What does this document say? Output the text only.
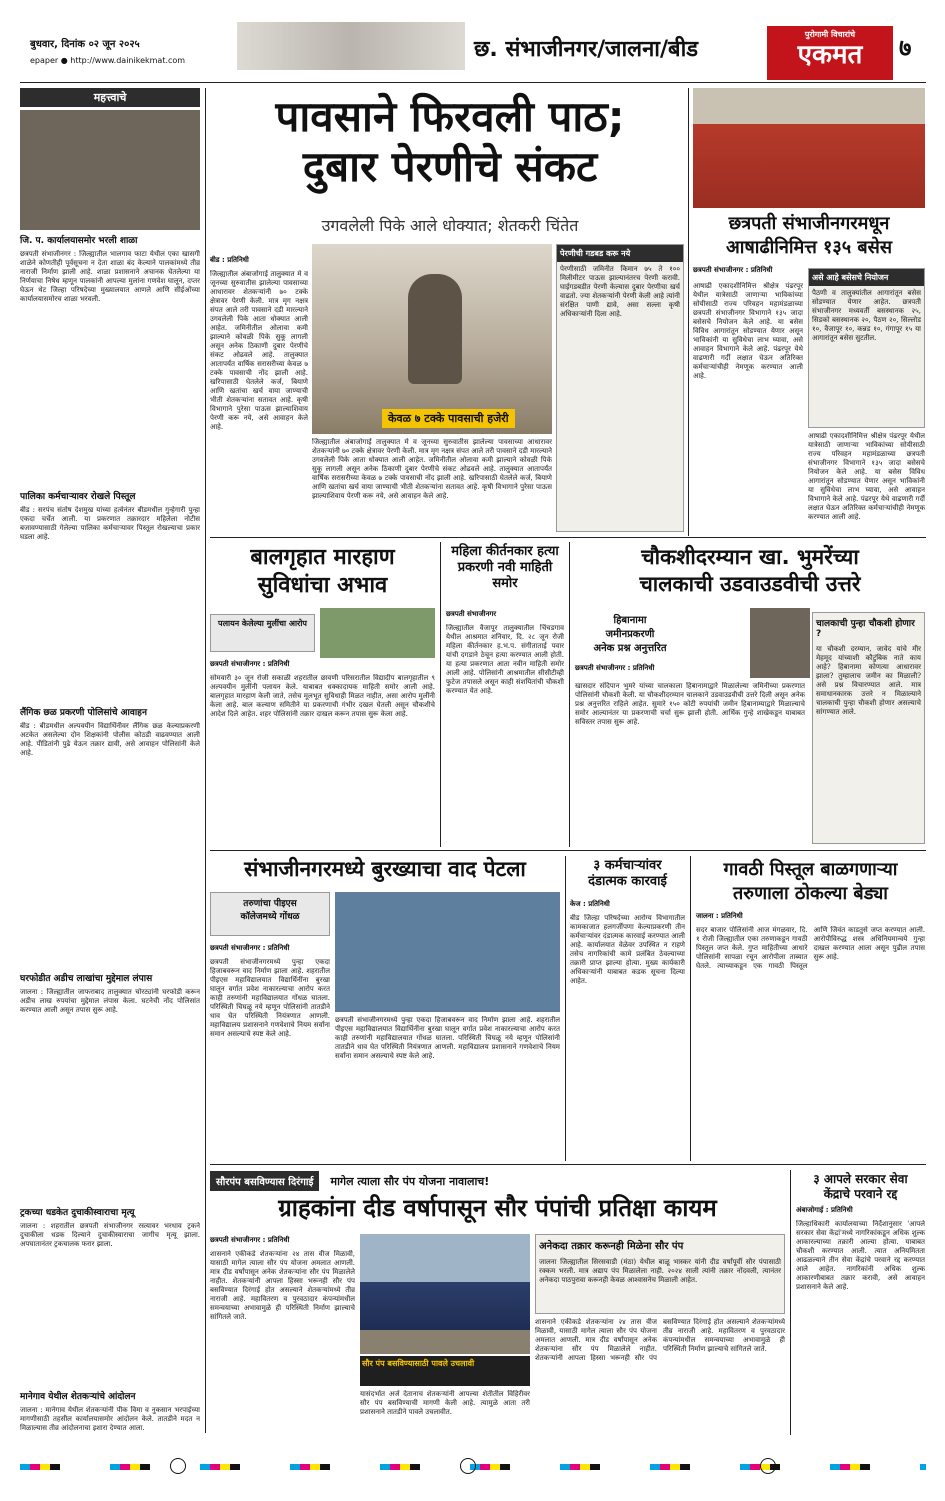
बुधवार, दिनांक ०२ जून २०२५
epaper ● http://www.dainikekmat.com	छ. संभाजीनगर/जालना/बीड
पुरोगामी विचारांचे
एकमत	७
महत्त्वाचे
जि. प. कार्यालयासमोर भरली शाळा
छत्रपती संभाजीनगर : जिल्ह्यातील भालगाव फाटा येथील एका खासगी शाळेने कोणतीही पूर्वसूचना न देता शाळा बंद केल्याने पालकांमध्ये तीव्र नाराजी निर्माण झाली आहे. शाळा प्रशासनाने अचानक घेतलेल्या या निर्णयाचा निषेध म्हणून पालकांनी आपल्या मुलांना गणवेश घालून, दप्तर घेऊन थेट जिल्हा परिषदेच्या मुख्यालयात आणले आणि सीईओंच्या कार्यालयासमोरच शाळा भरवली.
पालिका कर्मचाऱ्यावर रोखले पिस्तूल
बीड : सरपंच संतोष देशमुख यांच्या हत्येनंतर बीडमधील गुन्हेगारी पुन्हा एकदा चर्चेत आली. या प्रकरणात तक्रारदार महिलेला नोटीस बजावण्यासाठी गेलेल्या पालिका कर्मचाऱ्यावर पिस्तूल रोखल्याचा प्रकार घडला आहे.
लैंगिक छळ प्रकरणी पोलिसांचे आवाहन
बीड : बीडमधील अल्पवयीन विद्यार्थिनीवर लैंगिक छळ केल्याप्रकरणी अटकेत असलेल्या दोन शिक्षकांनी पोलीस कोठडी वाढवण्यात आली आहे. पीडितांनी पुढे येऊन तक्रार द्यावी, असे आवाहन पोलिसांनी केले आहे.
घरफोडीत अडीच लाखांचा मुद्देमाल लंपास
जालना : जिल्ह्यातील जाफराबाद तालुक्यात चोरट्यांनी घरफोडी करून अडीच लाख रुपयांचा मुद्देमाल लंपास केला. घटनेची नोंद पोलिसांत करण्यात आली असून तपास सुरू आहे.
ट्रकच्या धडकेत दुचाकीस्वाराचा मृत्यू
जालना : शहरातील छत्रपती संभाजीनगर रस्त्यावर भरधाव ट्रकने दुचाकीला धडक दिल्याने दुचाकीस्वाराचा जागीच मृत्यू झाला. अपघातानंतर ट्रकचालक फरार झाला.
मानेगाव येथील शेतकऱ्यांचे आंदोलन
जालना : मानेगाव येथील शेतकऱ्यांनी पीक विमा व नुकसान भरपाईच्या मागणीसाठी तहसील कार्यालयासमोर आंदोलन केले. तातडीने मदत न मिळाल्यास तीव्र आंदोलनाचा इशारा देण्यात आला.
पावसाने फिरवली पाठ;
दुबार पेरणीचे संकट
उगवलेली पिके आले धोक्यात; शेतकरी चिंतेत
बीड : प्रतिनिधी
जिल्ह्यातील अंबाजोगाई तालुक्यात मे व जूनच्या सुरुवातीस झालेल्या पावसाच्या आधारावर शेतकऱ्यांनी ७० टक्के क्षेत्रावर पेरणी केली. मात्र मृग नक्षत्र संपत आले तरी पावसाने दडी मारल्याने उगवलेली पिके आता धोक्यात आली आहेत. जमिनीतील ओलावा कमी झाल्याने कोवळी पिके सुकू लागली असून अनेक ठिकाणी दुबार पेरणीचे संकट ओढवले आहे. तालुक्यात आतापर्यंत वार्षिक सरासरीच्या केवळ ७ टक्के पावसाची नोंद झाली आहे. खरिपासाठी घेतलेले कर्ज, बियाणे आणि खतांचा खर्च वाया जाण्याची भीती शेतकऱ्यांना सतावत आहे. कृषी विभागाने पुरेसा पाऊस झाल्याशिवाय पेरणी करू नये, असे आवाहन केले आहे.
केवळ ७ टक्के पावसाची हजेरी
जिल्ह्यातील अंबाजोगाई तालुक्यात मे व जूनच्या सुरुवातीस झालेल्या पावसाच्या आधारावर शेतकऱ्यांनी ७० टक्के क्षेत्रावर पेरणी केली. मात्र मृग नक्षत्र संपत आले तरी पावसाने दडी मारल्याने उगवलेली पिके आता धोक्यात आली आहेत. जमिनीतील ओलावा कमी झाल्याने कोवळी पिके सुकू लागली असून अनेक ठिकाणी दुबार पेरणीचे संकट ओढवले आहे. तालुक्यात आतापर्यंत वार्षिक सरासरीच्या केवळ ७ टक्के पावसाची नोंद झाली आहे. खरिपासाठी घेतलेले कर्ज, बियाणे आणि खतांचा खर्च वाया जाण्याची भीती शेतकऱ्यांना सतावत आहे. कृषी विभागाने पुरेसा पाऊस झाल्याशिवाय पेरणी करू नये, असे आवाहन केले आहे.
पेरणीची गडबड करू नये
पेरणीसाठी जमिनीत किमान ७५ ते १०० मिलीमीटर पाऊस झाल्यानंतरच पेरणी करावी. घाईगडबडीत पेरणी केल्यास दुबार पेरणीचा खर्च वाढतो. ज्या शेतकऱ्यांनी पेरणी केली आहे त्यांनी संरक्षित पाणी द्यावे, असा सल्ला कृषी अधिकाऱ्यांनी दिला आहे.
छत्रपती संभाजीनगरमधून
आषाढीनिमित्त १३५ बसेस
छत्रपती संभाजीनगर : प्रतिनिधी
आषाढी एकादशीनिमित्त श्रीक्षेत्र पंढरपूर येथील यात्रेसाठी जाणाऱ्या भाविकांच्या सोयीसाठी राज्य परिवहन महामंडळाच्या छत्रपती संभाजीनगर विभागाने १३५ जादा बसेसचे नियोजन केले आहे. या बसेस विविध आगारांतून सोडण्यात येणार असून भाविकांनी या सुविधेचा लाभ घ्यावा, असे आवाहन विभागाने केले आहे. पंढरपूर येथे वाढणारी गर्दी लक्षात घेऊन अतिरिक्त कर्मचाऱ्यांचीही नेमणूक करण्यात आली आहे.
असे आहे बसेसचे नियोजन
पैठणी व तालुक्यांतील आगारांतून बसेस सोडण्यात येणार आहेत. छत्रपती संभाजीनगर मध्यवर्ती बसस्थानक २५, सिडको बसस्थानक २०, पैठण २०, सिल्लोड १०, वैजापूर १०, कन्नड १०, गंगापूर १५ या आगारांतून बसेस सुटतील.
आषाढी एकादशीनिमित्त श्रीक्षेत्र पंढरपूर येथील यात्रेसाठी जाणाऱ्या भाविकांच्या सोयीसाठी राज्य परिवहन महामंडळाच्या छत्रपती संभाजीनगर विभागाने १३५ जादा बसेसचे नियोजन केले आहे. या बसेस विविध आगारांतून सोडण्यात येणार असून भाविकांनी या सुविधेचा लाभ घ्यावा, असे आवाहन विभागाने केले आहे. पंढरपूर येथे वाढणारी गर्दी लक्षात घेऊन अतिरिक्त कर्मचाऱ्यांचीही नेमणूक करण्यात आली आहे.
बालगृहात मारहाण
सुविधांचा अभाव
पलायन केलेल्या मुलींचा आरोप
छत्रपती संभाजीनगर : प्रतिनिधी
सोमवारी ३० जून रोजी सकाळी शहरातील छावणी परिसरातील विद्यादीप बालगृहातील ९ अल्पवयीन मुलींनी पलायन केले. याबाबत धक्कादायक माहिती समोर आली आहे. बालगृहात मारहाण केली जाते, तसेच मूलभूत सुविधाही मिळत नाहीत, असा आरोप मुलींनी केला आहे. बाल कल्याण समितीने या प्रकरणाची गंभीर दखल घेतली असून चौकशीचे आदेश दिले आहेत. शहर पोलिसांनी तक्रार दाखल करून तपास सुरू केला आहे.
महिला कीर्तनकार हत्या प्रकरणी नवी माहिती समोर
छत्रपती संभाजीनगर
जिल्ह्यातील वैजापूर तालुक्यातील चिंचडगाव येथील आश्रमात शनिवार, दि. २८ जून रोजी महिला कीर्तनकार ह.भ.प. संगीताताई पवार यांची दगडाने ठेचून हत्या करण्यात आली होती. या हत्या प्रकरणात आता नवीन माहिती समोर आली आहे. पोलिसांनी आश्रमातील सीसीटीव्ही फुटेज तपासले असून काही संशयितांची चौकशी करण्यात येत आहे.
चौकशीदरम्यान खा. भुमरेंच्या
चालकाची उडवाउडवीची उत्तरे
हिबानामा
जमीनप्रकरणी
अनेक प्रश्न अनुत्तरित
छत्रपती संभाजीनगर : प्रतिनिधी
खासदार संदिपान भुमरे यांच्या चालकाला हिबानामाद्वारे मिळालेल्या जमिनीच्या प्रकरणात पोलिसांनी चौकशी केली. या चौकशीदरम्यान चालकाने उडवाउडवीची उत्तरे दिली असून अनेक प्रश्न अनुत्तरित राहिले आहेत. सुमारे १५० कोटी रुपयांची जमीन हिबानाम्याद्वारे मिळाल्याचे समोर आल्यानंतर या प्रकरणाची चर्चा सुरू झाली होती. आर्थिक गुन्हे शाखेकडून याबाबत सविस्तर तपास सुरू आहे.
चालकाची पुन्हा चौकशी होणार ?
या चौकशी दरम्यान, जावेद यांचे मीर मेहमूद यांच्याशी कौटुंबिक नाते काय आहे? हिबानामा कोणत्या आधारावर झाला? तुम्हालाच जमीन का मिळाली? असे प्रश्न विचारण्यात आले. मात्र समाधानकारक उत्तरे न मिळाल्याने चालकाची पुन्हा चौकशी होणार असल्याचे सांगण्यात आले.
संभाजीनगरमध्ये बुरख्याचा वाद पेटला
तरुणांचा पीइएस
कॉलेजमध्ये गोंधळ
छत्रपती संभाजीनगर : प्रतिनिधी
छत्रपती संभाजीनगरमध्ये पुन्हा एकदा हिजाबवरून वाद निर्माण झाला आहे. शहरातील पीइएस महाविद्यालयात विद्यार्थिनींना बुरखा घालून वर्गात प्रवेश नाकारल्याचा आरोप करत काही तरुणांनी महाविद्यालयात गोंधळ घातला. परिस्थिती चिघळू नये म्हणून पोलिसांनी तातडीने धाव घेत परिस्थिती नियंत्रणात आणली. महाविद्यालय प्रशासनाने गणवेशाचे नियम सर्वांना समान असल्याचे स्पष्ट केले आहे.
छत्रपती संभाजीनगरमध्ये पुन्हा एकदा हिजाबवरून वाद निर्माण झाला आहे. शहरातील पीइएस महाविद्यालयात विद्यार्थिनींना बुरखा घालून वर्गात प्रवेश नाकारल्याचा आरोप करत काही तरुणांनी महाविद्यालयात गोंधळ घातला. परिस्थिती चिघळू नये म्हणून पोलिसांनी तातडीने धाव घेत परिस्थिती नियंत्रणात आणली. महाविद्यालय प्रशासनाने गणवेशाचे नियम सर्वांना समान असल्याचे स्पष्ट केले आहे.
३ कर्मचाऱ्यांवर
दंडात्मक कारवाई
केज : प्रतिनिधी
बीड जिल्हा परिषदेच्या आरोग्य विभागातील कामकाजात हलगर्जीपणा केल्याप्रकरणी तीन कर्मचाऱ्यांवर दंडात्मक कारवाई करण्यात आली आहे. कार्यालयात वेळेवर उपस्थित न राहणे तसेच नागरिकांची कामे प्रलंबित ठेवल्याच्या तक्रारी प्राप्त झाल्या होत्या. मुख्य कार्यकारी अधिकाऱ्यांनी याबाबत कडक सूचना दिल्या आहेत.
गावठी पिस्तूल बाळगणाऱ्या
तरुणाला ठोकल्या बेड्या
जालना : प्रतिनिधी
सदर बाजार पोलिसांनी आज मंगळवार, दि. १ रोजी जिल्ह्यातील एका तरुणाकडून गावठी पिस्तूल जप्त केले. गुप्त माहितीच्या आधारे पोलिसांनी सापळा रचून आरोपीला ताब्यात घेतले. त्याच्याकडून एक गावठी पिस्तूल आणि जिवंत काडतुसे जप्त करण्यात आली. आरोपीविरुद्ध शस्त्र अधिनियमान्वये गुन्हा दाखल करण्यात आला असून पुढील तपास सुरू आहे.
सौरपंप बसविण्यास दिरंगाई मागेल त्याला सौर पंप योजना नावालाच!
ग्राहकांना दीड वर्षापासून सौर पंपांची प्रतिक्षा कायम
छत्रपती संभाजीनगर : प्रतिनिधी
शासनाने एकीकडे शेतकऱ्यांना २४ तास वीज मिळावी, यासाठी मागेल त्याला सौर पंप योजना अमलात आणली. मात्र दीड वर्षांपासून अनेक शेतकऱ्यांना सौर पंप मिळालेले नाहीत. शेतकऱ्यांनी आपला हिस्सा भरूनही सौर पंप बसविण्यात दिरंगाई होत असल्याने शेतकऱ्यांमध्ये तीव्र नाराजी आहे. महावितरण व पुरवठादार कंपन्यांमधील समन्वयाच्या अभावामुळे ही परिस्थिती निर्माण झाल्याचे सांगितले जाते.
सौर पंप बसविण्यासाठी पावले उचलावी
यासंदर्भात अर्ज देतानाच शेतकऱ्यांनी आपल्या शेतीतील विहिरीवर सौर पंप बसविण्याची मागणी केली आहे. त्यामुळे आता तरी प्रशासनाने तातडीने पावले उचलावीत.
अनेकदा तक्रार करूनही मिळेना सौर पंप
जालना जिल्ह्यातील सिरसवाडी (मंठा) येथील बाळू भास्कर यांनी दीड वर्षांपूर्वी सौर पंपासाठी रक्कम भरली. मात्र अद्याप पंप मिळालेला नाही. २०२४ साली त्यांनी तक्रार नोंदवली, त्यानंतर अनेकदा पाठपुरावा करूनही केवळ आश्वासनेच मिळाली आहेत.
शासनाने एकीकडे शेतकऱ्यांना २४ तास वीज मिळावी, यासाठी मागेल त्याला सौर पंप योजना अमलात आणली. मात्र दीड वर्षांपासून अनेक शेतकऱ्यांना सौर पंप मिळालेले नाहीत. शेतकऱ्यांनी आपला हिस्सा भरूनही सौर पंप बसविण्यात दिरंगाई होत असल्याने शेतकऱ्यांमध्ये तीव्र नाराजी आहे. महावितरण व पुरवठादार कंपन्यांमधील समन्वयाच्या अभावामुळे ही परिस्थिती निर्माण झाल्याचे सांगितले जाते.
३ आपले सरकार सेवा
केंद्राचे परवाने रद्द
अंबाजोगाई : प्रतिनिधी
जिल्हाधिकारी कार्यालयाच्या निर्देशानुसार 'आपले सरकार सेवा केंद्रां'मध्ये नागरिकांकडून अधिक शुल्क आकारल्याच्या तक्रारी आल्या होत्या. याबाबत चौकशी करण्यात आली. त्यात अनियमितता आढळल्याने तीन सेवा केंद्रांचे परवाने रद्द करण्यात आले आहेत. नागरिकांनी अधिक शुल्क आकारणीबाबत तक्रार करावी, असे आवाहन प्रशासनाने केले आहे.
